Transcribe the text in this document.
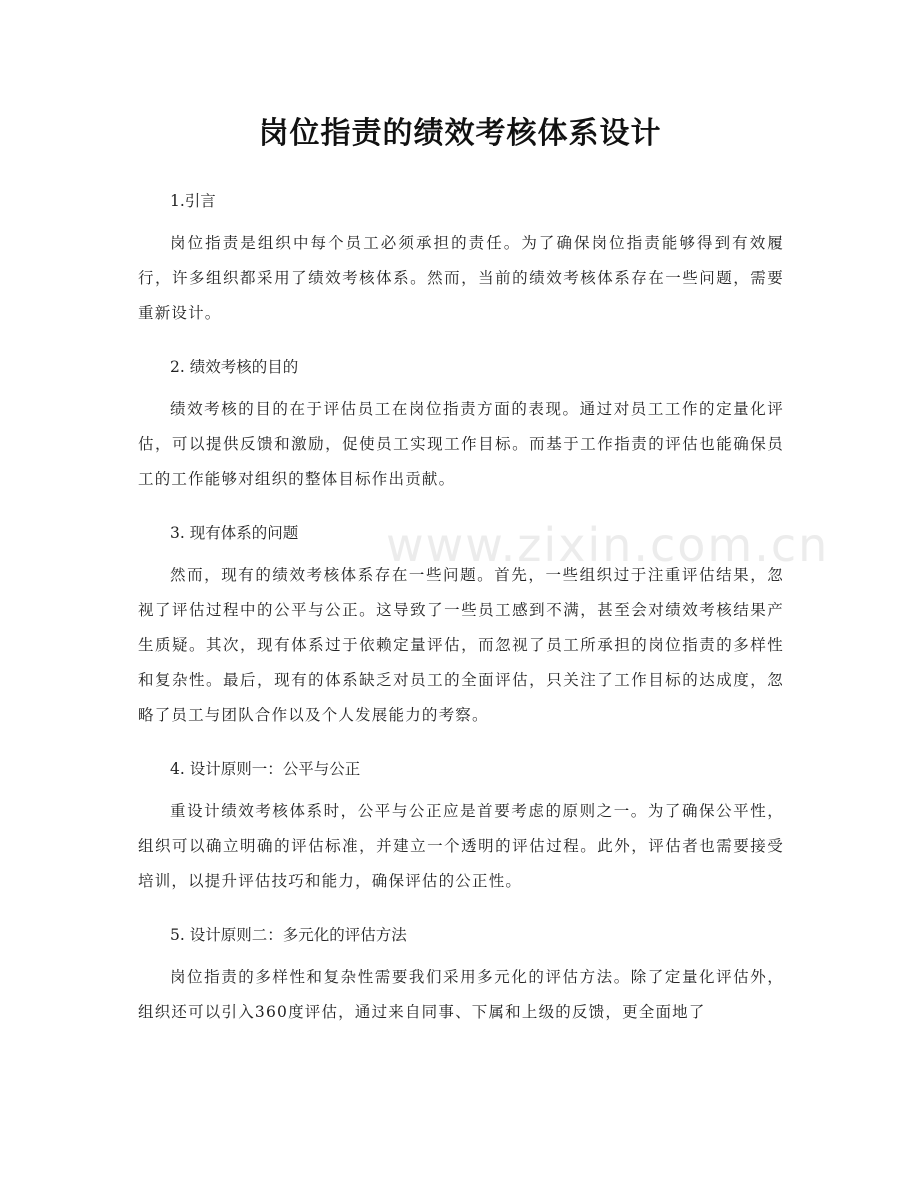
www.zixin.com.cn
岗位指责的绩效考核体系设计

1.引言

岗位指责是组织中每个员工必须承担的责任。为了确保岗位指责能够得到有效履行，许多组织都采用了绩效考核体系。然而，当前的绩效考核体系存在一些问题，需要重新设计。

2. 绩效考核的目的

绩效考核的目的在于评估员工在岗位指责方面的表现。通过对员工工作的定量化评估，可以提供反馈和激励，促使员工实现工作目标。而基于工作指责的评估也能确保员工的工作能够对组织的整体目标作出贡献。

3. 现有体系的问题

然而，现有的绩效考核体系存在一些问题。首先，一些组织过于注重评估结果，忽视了评估过程中的公平与公正。这导致了一些员工感到不满，甚至会对绩效考核结果产生质疑。其次，现有体系过于依赖定量评估，而忽视了员工所承担的岗位指责的多样性和复杂性。最后，现有的体系缺乏对员工的全面评估，只关注了工作目标的达成度，忽略了员工与团队合作以及个人发展能力的考察。

4. 设计原则一：公平与公正

重设计绩效考核体系时，公平与公正应是首要考虑的原则之一。为了确保公平性，组织可以确立明确的评估标准，并建立一个透明的评估过程。此外，评估者也需要接受培训，以提升评估技巧和能力，确保评估的公正性。

5. 设计原则二：多元化的评估方法

岗位指责的多样性和复杂性需要我们采用多元化的评估方法。除了定量化评估外，组织还可以引入360度评估，通过来自同事、下属和上级的反馈，更全面地了
